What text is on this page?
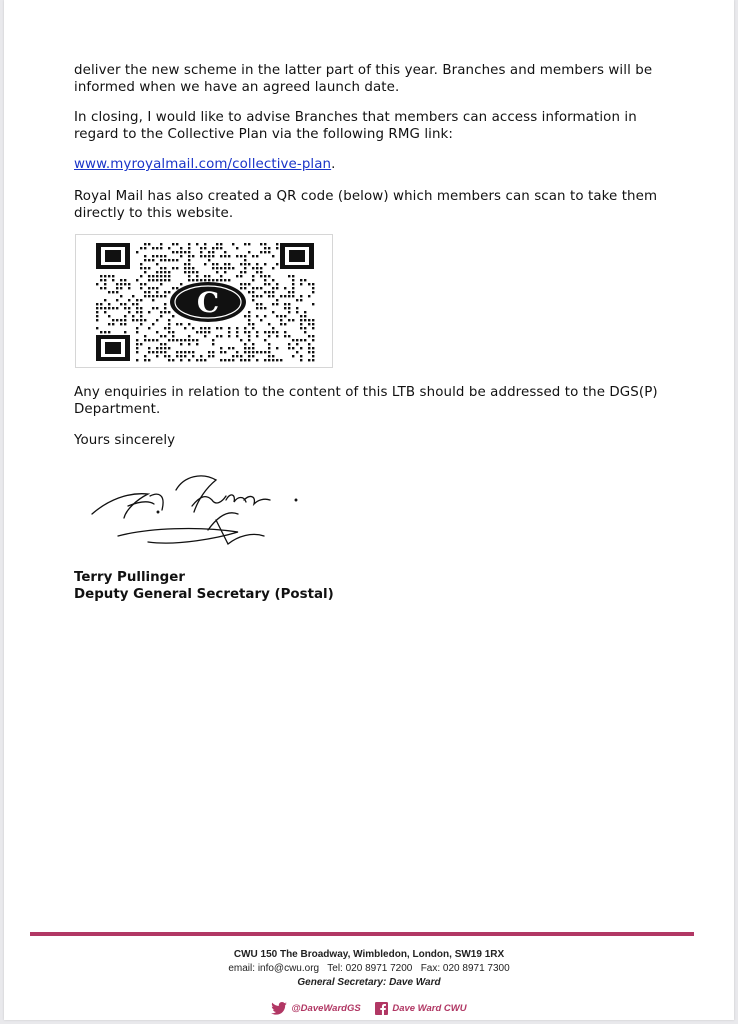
deliver the new scheme in the latter part of this year. Branches and members will be informed when we have an agreed launch date.

In closing, I would like to advise Branches that members can access information in regard to the Collective Plan via the following RMG link:

www.myroyalmail.com/collective-plan.

Royal Mail has also created a QR code (below) which members can scan to take them directly to this website.

C

Any enquiries in relation to the content of this LTB should be addressed to the DGS(P) Department.

Yours sincerely

Terry Pullinger
Deputy General Secretary (Postal)
CWU 150 The Broadway, Wimbledon, London, SW19 1RX
email: info@cwu.org Tel: 020 8971 7200 Fax: 020 8971 7300
General Secretary: Dave Ward
@DaveWardGS
	Dave Ward CWU
